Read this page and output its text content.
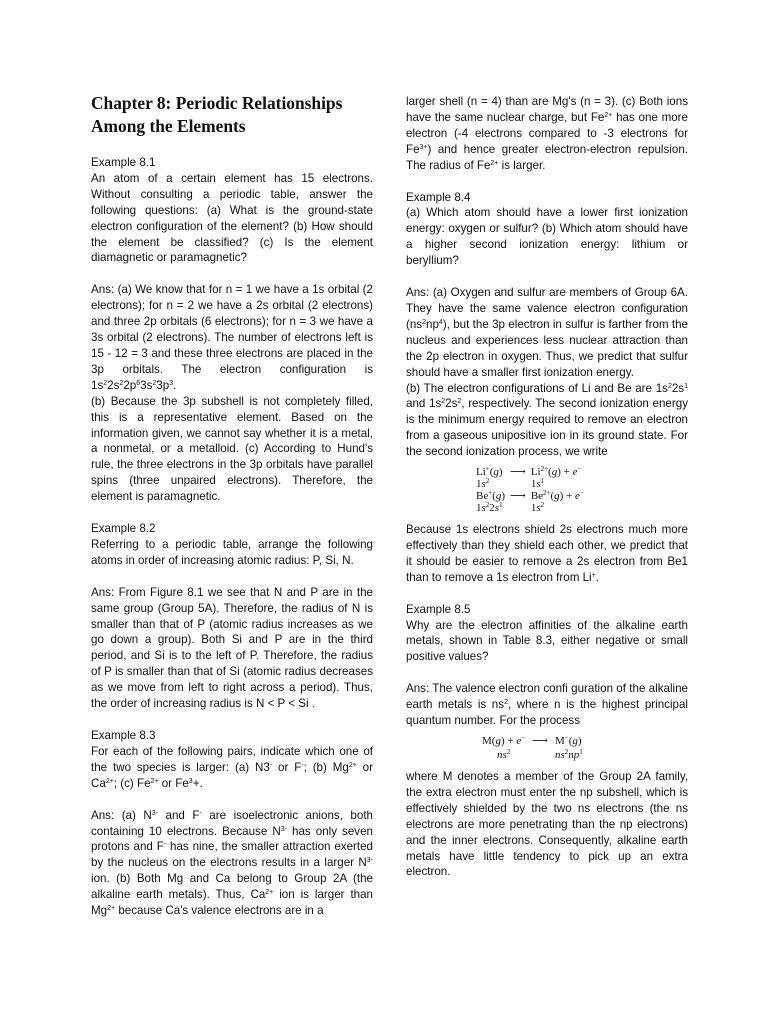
Chapter 8: Periodic Relationships Among the Elements

Example 8.1

An atom of a certain element has 15 electrons. Without consulting a periodic table, answer the following questions: (a) What is the ground-state electron configuration of the element? (b) How should the element be classified? (c) Is the element diamagnetic or paramagnetic?

Ans: (a) We know that for n = 1 we have a 1s orbital (2 electrons); for n = 2 we have a 2s orbital (2 electrons) and three 2p orbitals (6 electrons); for n = 3 we have a 3s orbital (2 electrons). The number of electrons left is 15 - 12 = 3 and these three electrons are placed in the 3p orbitals. The electron configuration is $1s^22s^22p^63s^23p^3$.

(b) Because the 3p subshell is not completely filled, this is a representative element. Based on the information given, we cannot say whether it is a metal, a nonmetal, or a metalloid. (c) According to Hund's rule, the three electrons in the 3p orbitals have parallel spins (three unpaired electrons). Therefore, the element is paramagnetic.

Example 8.2

Referring to a periodic table, arrange the following atoms in order of increasing atomic radius: P, Si, N.

Ans: From Figure 8.1 we see that N and P are in the same group (Group 5A). Therefore, the radius of N is smaller than that of P (atomic radius increases as we go down a group). Both Si and P are in the third period, and Si is to the left of P. Therefore, the radius of P is smaller than that of Si (atomic radius decreases as we move from left to right across a period). Thus, the order of increasing radius is N < P < Si .

Example 8.3

For each of the following pairs, indicate which one of the two species is larger: (a) N3- or F-; (b) $Mg^{2+}$ or $Ca^{2+}$; (c) $Fe^{2+}$ or $Fe^3+$.

Ans: (a) $N^{3-}$ and F- are isoelectronic anions, both containing 10 electrons. Because $N^{3-}$ has only seven protons and F- has nine, the smaller attraction exerted by the nucleus on the electrons results in a larger $N^{3-}$ ion. (b) Both Mg and Ca belong to Group 2A (the alkaline earth metals). Thus, $Ca^{2+}$ ion is larger than $Mg^{2+}$ because Ca's valence electrons are in a

larger shell (n = 4) than are Mg's (n = 3). (c) Both ions have the same nuclear charge, but $Fe^{2+}$ has one more electron (-4 electrons compared to -3 electrons for $Fe^{3+}$) and hence greater electron-electron repulsion. The radius of $Fe^{2+}$ is larger.

Example 8.4

(a) Which atom should have a lower first ionization energy: oxygen or sulfur? (b) Which atom should have a higher second ionization energy: lithium or beryllium?

Ans: (a) Oxygen and sulfur are members of Group 6A. They have the same valence electron configuration $(ns^2np^4)$, but the 3p electron in sulfur is farther from the nucleus and experiences less nuclear attraction than the 2p electron in oxygen. Thus, we predict that sulfur should have a smaller first ionization energy.

(b) The electron configurations of Li and Be are $1s^22s^1$ and $1s^22s^2$, respectively. The second ionization energy is the minimum energy required to remove an electron from a gaseous unipositive ion in its ground state. For the second ionization process, we write

Li+(g)	⟶	$Li^{2+}(g) + e^-$
$1s^2$		$1s^1$
Be+(g)	⟶	$Be^{2+}(g) + e^-$
$1s^22s^1$		$1s^2$

Because 1s electrons shield 2s electrons much more effectively than they shield each other, we predict that it should be easier to remove a 2s electron from Be1 than to remove a 1s electron from Li+.

Example 8.5

Why are the electron affinities of the alkaline earth metals, shown in Table 8.3, either negative or small positive values?

Ans: The valence electron confi guration of the alkaline earth metals is $ns^2$, where n is the highest principal quantum number. For the process

M(g) + e−	⟶	M−(g)
$ns^2$		$ns^2np^1$

where M denotes a member of the Group 2A family, the extra electron must enter the np subshell, which is effectively shielded by the two ns electrons (the ns electrons are more penetrating than the np electrons) and the inner electrons. Consequently, alkaline earth metals have little tendency to pick up an extra electron.
